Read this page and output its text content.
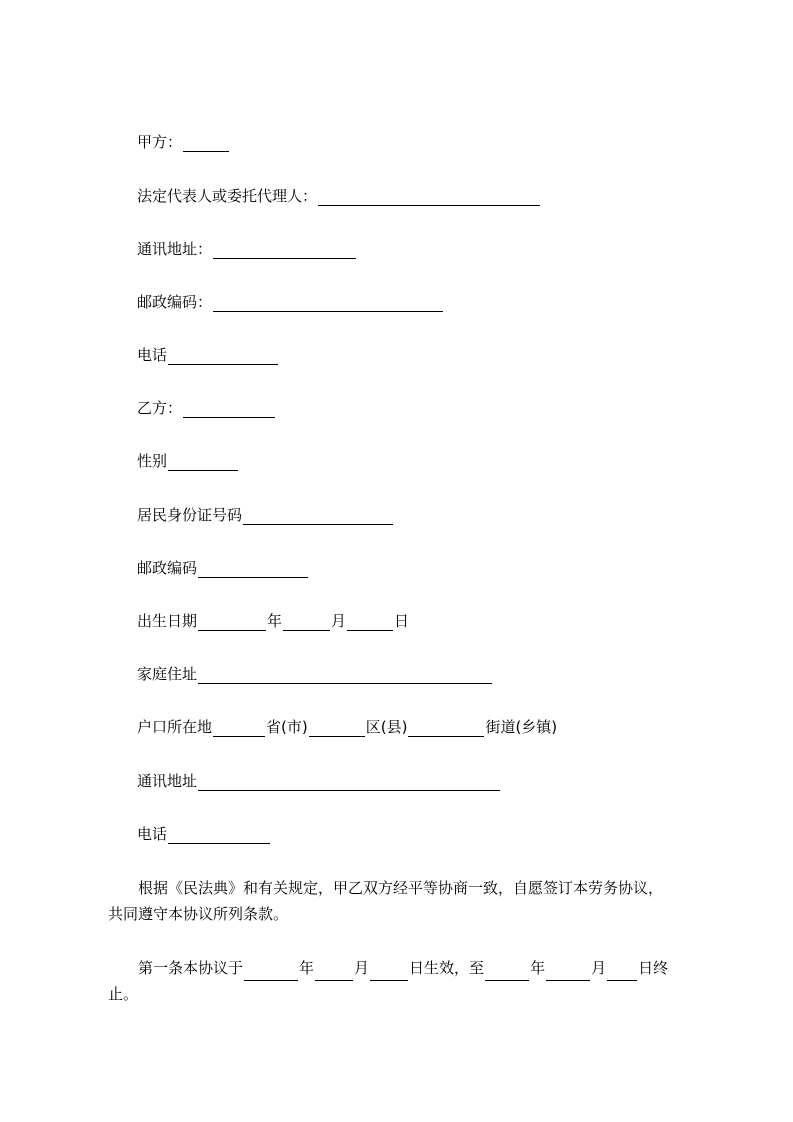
甲方：
法定代表人或委托代理人：
通讯地址：
邮政编码：
电话
乙方：
性别
居民身份证号码
邮政编码
出生日期	年	月	日
家庭住址
户口所在地	省(市)	区(县)	街道(乡镇)
通讯地址
电话
根据《民法典》和有关规定，甲乙双方经平等协商一致，自愿签订本劳务协议，
共同遵守本协议所列条款。
第一条本协议于	年	月	日生效，至	年	月 日终
止。
